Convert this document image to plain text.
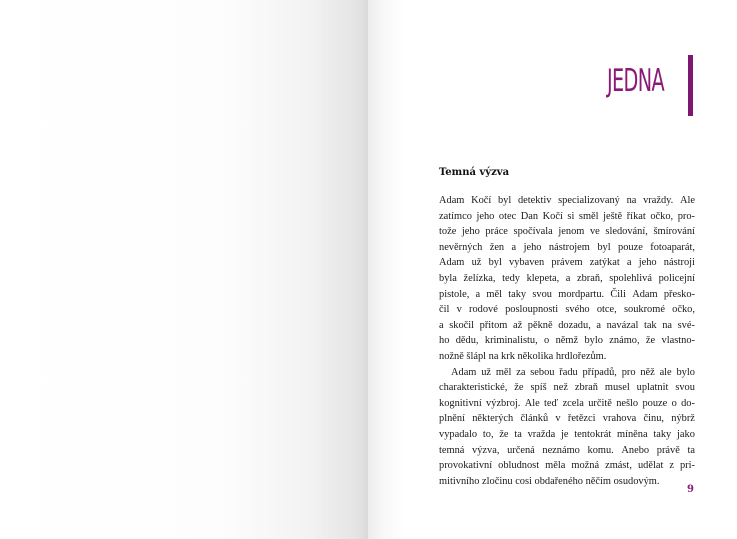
JEDNA
Temná výzva
Adam Kočí byl detektiv specializovaný na vraždy. Ale
zatímco jeho otec Dan Kočí si směl ještě říkat očko, pro-
tože jeho práce spočívala jenom ve sledování, šmírování
nevěrných žen a jeho nástrojem byl pouze fotoaparát,
Adam už byl vybaven právem zatýkat a jeho nástroji
byla želízka, tedy klepeta, a zbraň, spolehlivá policejní
pistole, a měl taky svou mordpartu. Čili Adam přesko-
čil v rodové posloupnosti svého otce, soukromé očko,
a skočil přitom až pěkně dozadu, a navázal tak na své-
ho dědu, kriminalistu, o němž bylo známo, že vlastno-
nožně šlápl na krk několika hrdlořezům.
Adam už měl za sebou řadu případů, pro něž ale bylo
charakteristické, že spíš než zbraň musel uplatnit svou
kognitivní výzbroj. Ale teď zcela určitě nešlo pouze o do-
plnění některých článků v řetězci vrahova činu, nýbrž
vypadalo to, že ta vražda je tentokrát míněna taky jako
temná výzva, určená neznámo komu. Anebo právě ta
provokativní obludnost měla možná zmást, udělat z pri-
mitivního zločinu cosi obdařeného něčím osudovým.
9
